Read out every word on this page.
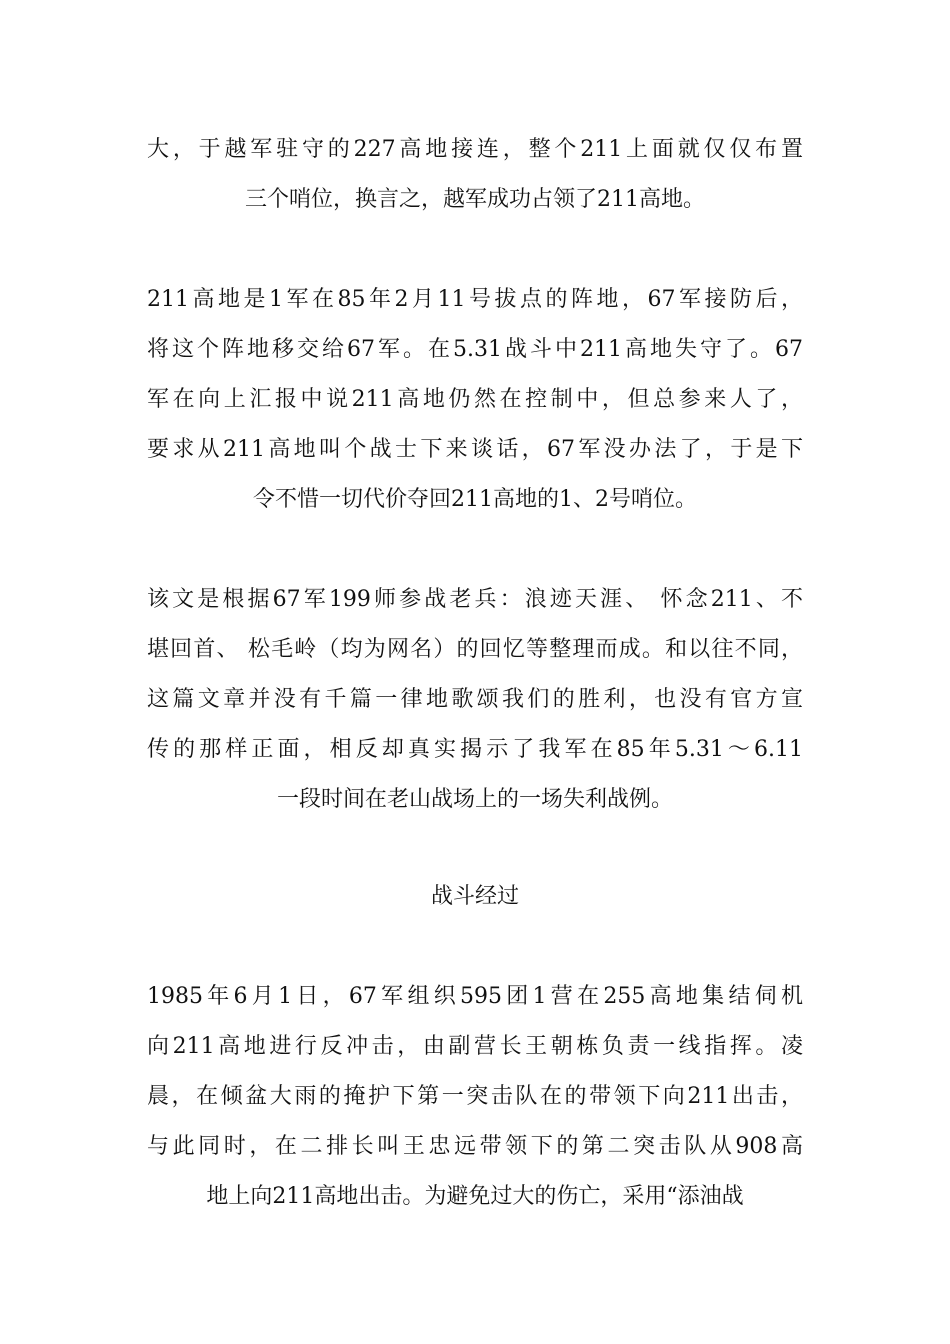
大，于越军驻守的227高地接连，整个211上面就仅仅布置
三个哨位，换言之，越军成功占领了211高地。
211高地是1军在85年2月11号拔点的阵地，67军接防后，
将这个阵地移交给67军。在5.31战斗中211高地失守了。67
军在向上汇报中说211高地仍然在控制中，但总参来人了，
要求从211高地叫个战士下来谈话，67军没办法了，于是下
令不惜一切代价夺回211高地的1、2号哨位。
该文是根据67军199师参战老兵：浪迹天涯、 怀念211、不
堪回首、 松毛岭（均为网名）的回忆等整理而成。和以往不同，
这篇文章并没有千篇一律地歌颂我们的胜利，也没有官方宣
传的那样正面，相反却真实揭示了我军在85年5.31～6.11
一段时间在老山战场上的一场失利战例。
战斗经过
1985年6月1日，67军组织595团1营在255高地集结伺机
向211高地进行反冲击，由副营长王朝栋负责一线指挥。凌
晨，在倾盆大雨的掩护下第一突击队在的带领下向211出击，
与此同时，在二排长叫王忠远带领下的第二突击队从908高
地上向211高地出击。为避免过大的伤亡，采用“添油战
